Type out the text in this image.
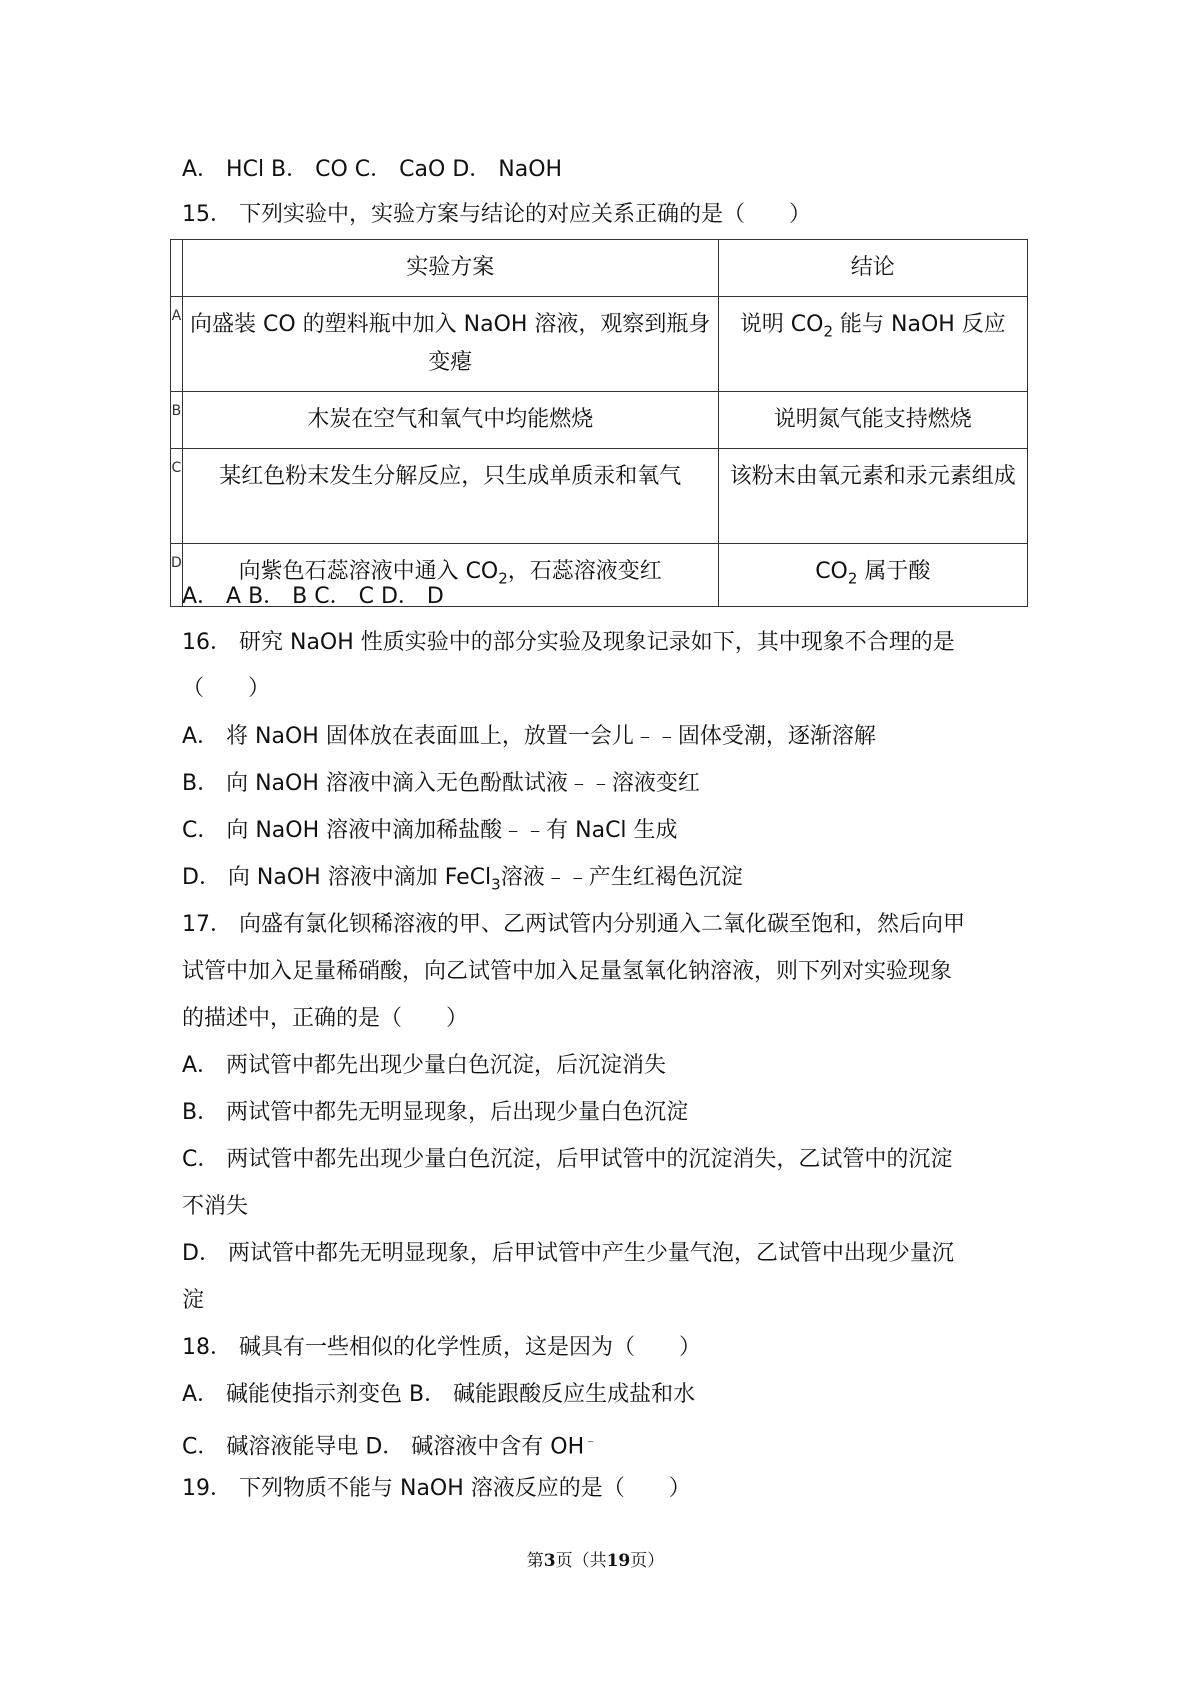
A． HCl B． CO C． CaO D． NaOH
15． 下列实验中，实验方案与结论的对应关系正确的是（　　）
	实验方案	结论
A	向盛装 CO 的塑料瓶中加入 NaOH 溶液，观察到瓶身变瘪	说明 $CO_2$ 能与 NaOH 反应
B	木炭在空气和氧气中均能燃烧	说明氮气能支持燃烧
C	某红色粉末发生分解反应，只生成单质汞和氧气	该粉末由氧元素和汞元素组成
D	向紫色石蕊溶液中通入 $CO_2$，石蕊溶液变红	$CO_2$ 属于酸
A． A B． B C． C D． D
16． 研究 NaOH 性质实验中的部分实验及现象记录如下，其中现象不合理的是
（　　）
A． 将 NaOH 固体放在表面皿上，放置一会儿﹣﹣固体受潮，逐渐溶解
B． 向 NaOH 溶液中滴入无色酚酞试液﹣﹣溶液变红
C． 向 NaOH 溶液中滴加稀盐酸﹣﹣有 NaCl 生成
D． 向 NaOH 溶液中滴加 FeCl$_3$溶液﹣﹣产生红褐色沉淀
17． 向盛有氯化钡稀溶液的甲、乙两试管内分别通入二氧化碳至饱和，然后向甲
试管中加入足量稀硝酸，向乙试管中加入足量氢氧化钠溶液，则下列对实验现象
的描述中，正确的是（　　）
A． 两试管中都先出现少量白色沉淀，后沉淀消失
B． 两试管中都先无明显现象，后出现少量白色沉淀
C． 两试管中都先出现少量白色沉淀，后甲试管中的沉淀消失，乙试管中的沉淀
不消失
D． 两试管中都先无明显现象，后甲试管中产生少量气泡，乙试管中出现少量沉
淀
18． 碱具有一些相似的化学性质，这是因为（　　）
A． 碱能使指示剂变色 B． 碱能跟酸反应生成盐和水
C． 碱溶液能导电 D． 碱溶液中含有 OH﹣
19． 下列物质不能与 NaOH 溶液反应的是（　　）
第3页（共19页）
